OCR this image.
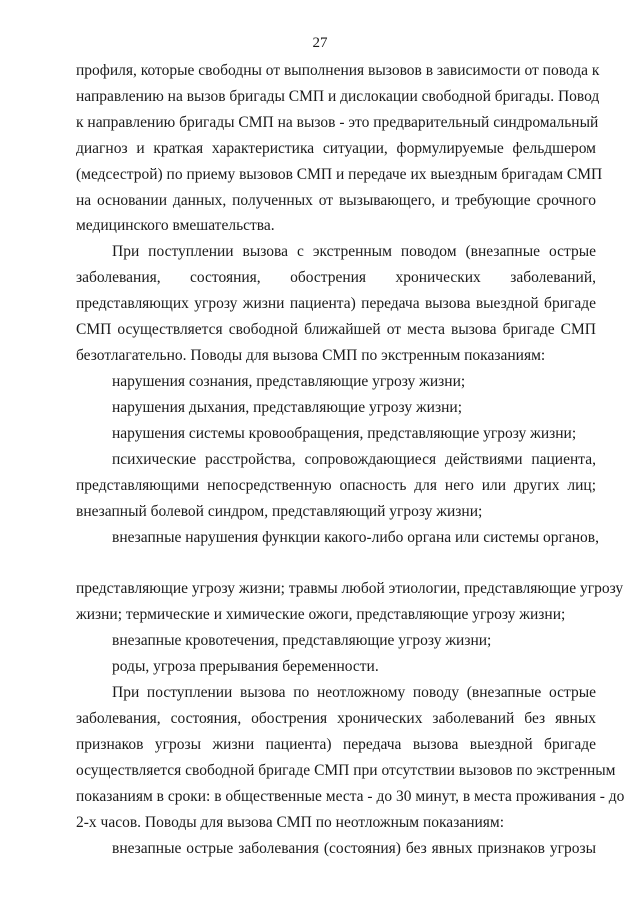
27
профиля, которые свободны от выполнения вызовов в зависимости от повода к
направлению на вызов бригады СМП и дислокации свободной бригады. Повод
к направлению бригады СМП на вызов - это предварительный синдромальный
диагноз и краткая характеристика ситуации, формулируемые фельдшером
(медсестрой) по приему вызовов СМП и передаче их выездным бригадам СМП
на основании данных, полученных от вызывающего, и требующие срочного
медицинского вмешательства.
При поступлении вызова с экстренным поводом (внезапные острые
заболевания, состояния, обострения хронических заболеваний,
представляющих угрозу жизни пациента) передача вызова выездной бригаде
СМП осуществляется свободной ближайшей от места вызова бригаде СМП
безотлагательно. Поводы для вызова СМП по экстренным показаниям:
нарушения сознания, представляющие угрозу жизни;
нарушения дыхания, представляющие угрозу жизни;
нарушения системы кровообращения, представляющие угрозу жизни;
психические расстройства, сопровождающиеся действиями пациента,
представляющими непосредственную опасность для него или других лиц;
внезапный болевой синдром, представляющий угрозу жизни;
внезапные нарушения функции какого-либо органа или системы органов,
представляющие угрозу жизни; травмы любой этиологии, представляющие угрозу
жизни; термические и химические ожоги, представляющие угрозу жизни;
внезапные кровотечения, представляющие угрозу жизни;
роды, угроза прерывания беременности.
При поступлении вызова по неотложному поводу (внезапные острые
заболевания, состояния, обострения хронических заболеваний без явных
признаков угрозы жизни пациента) передача вызова выездной бригаде
осуществляется свободной бригаде СМП при отсутствии вызовов по экстренным
показаниям в сроки: в общественные места - до 30 минут, в места проживания - до
2-х часов. Поводы для вызова СМП по неотложным показаниям:
внезапные острые заболевания (состояния) без явных признаков угрозы
